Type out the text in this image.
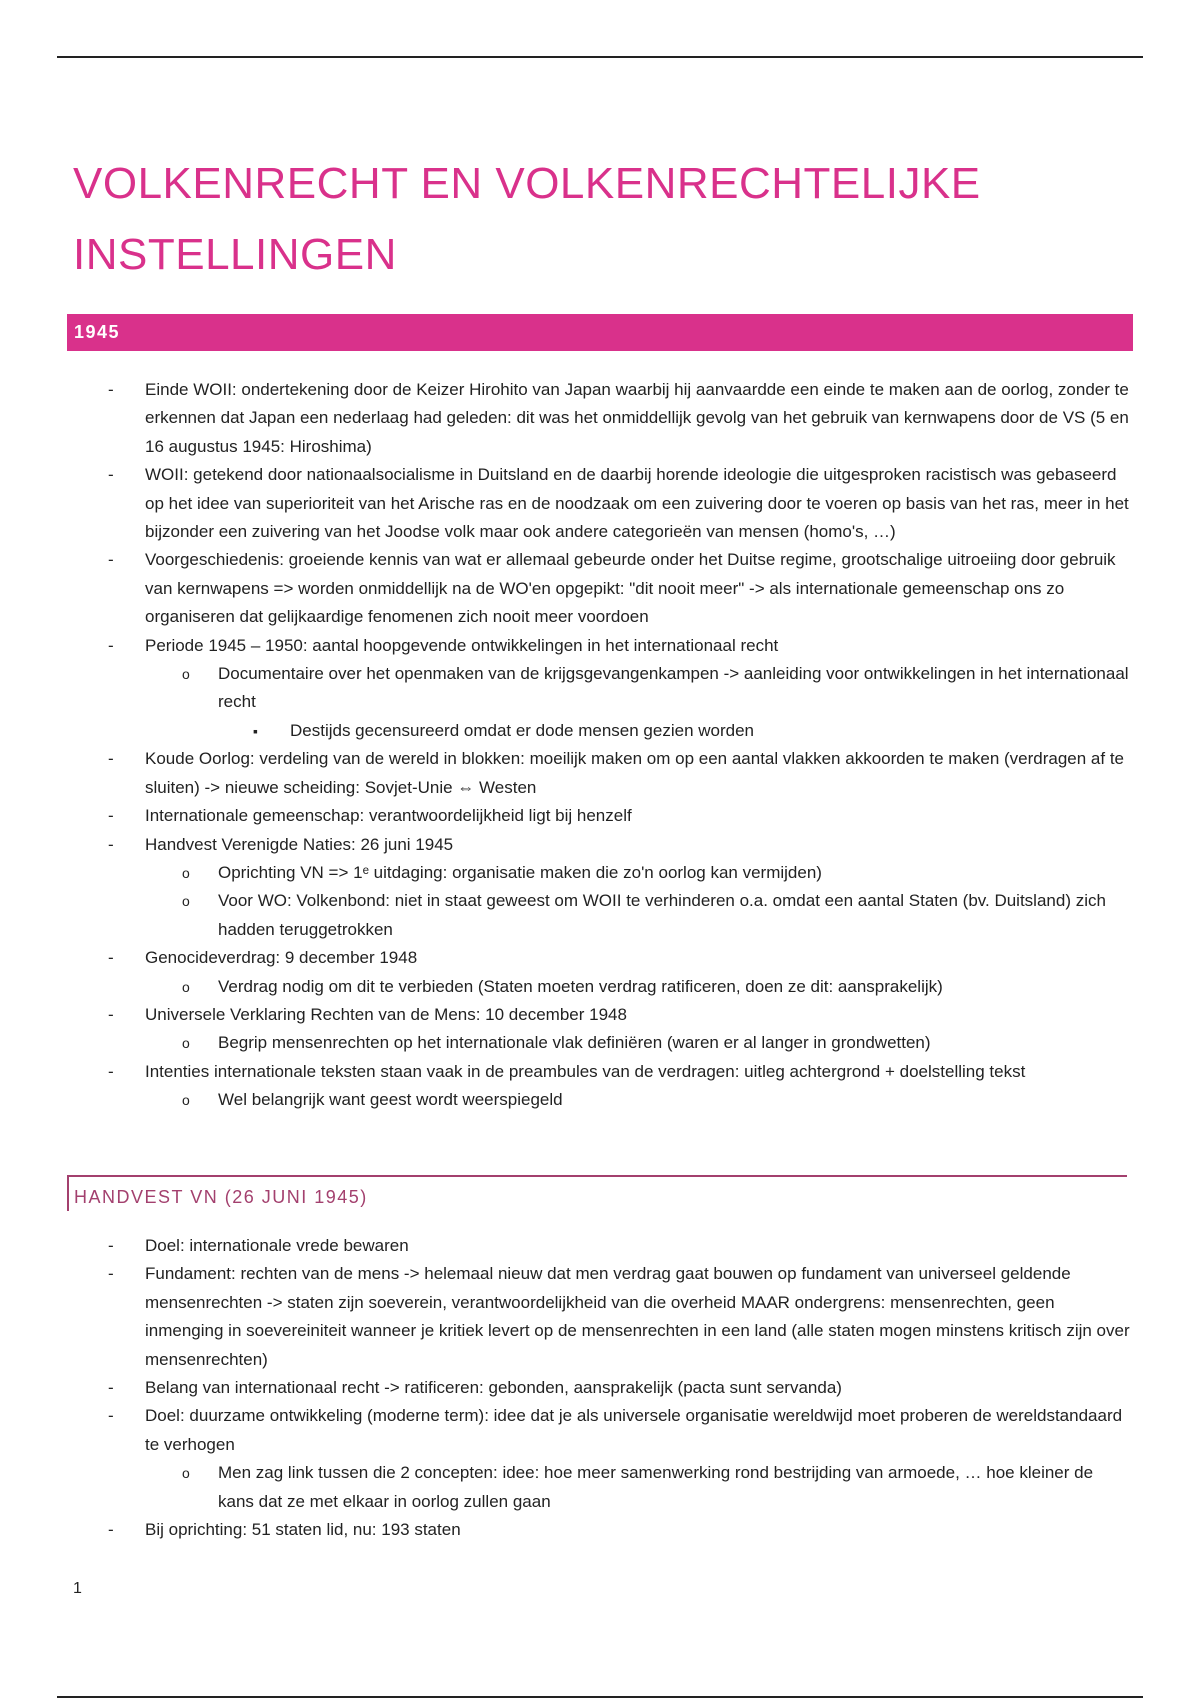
VOLKENRECHT EN VOLKENRECHTELIJKE INSTELLINGEN
1945
- Einde WOII: ondertekening door de Keizer Hirohito van Japan waarbij hij aanvaardde een einde te maken aan de oorlog, zonder te erkennen dat Japan een nederlaag had geleden: dit was het onmiddellijk gevolg van het gebruik van kernwapens door de VS (5 en 16 augustus 1945: Hiroshima)
- WOII: getekend door nationaalsocialisme in Duitsland en de daarbij horende ideologie die uitgesproken racistisch was gebaseerd op het idee van superioriteit van het Arische ras en de noodzaak om een zuivering door te voeren op basis van het ras, meer in het bijzonder een zuivering van het Joodse volk maar ook andere categorieën van mensen (homo's, …)
- Voorgeschiedenis: groeiende kennis van wat er allemaal gebeurde onder het Duitse regime, grootschalige uitroeiing door gebruik van kernwapens => worden onmiddellijk na de WO'en opgepikt: "dit nooit meer" -> als internationale gemeenschap ons zo organiseren dat gelijkaardige fenomenen zich nooit meer voordoen
- Periode 1945 – 1950: aantal hoopgevende ontwikkelingen in het internationaal recht
o Documentaire over het openmaken van de krijgsgevangenkampen -> aanleiding voor ontwikkelingen in het internationaal recht
▪ Destijds gecensureerd omdat er dode mensen gezien worden
- Koude Oorlog: verdeling van de wereld in blokken: moeilijk maken om op een aantal vlakken akkoorden te maken (verdragen af te sluiten) -> nieuwe scheiding: Sovjet-Unie ⇔ Westen
- Internationale gemeenschap: verantwoordelijkheid ligt bij henzelf
- Handvest Verenigde Naties: 26 juni 1945
o Oprichting VN => 1ᵉ uitdaging: organisatie maken die zo'n oorlog kan vermijden)
o Voor WO: Volkenbond: niet in staat geweest om WOII te verhinderen o.a. omdat een aantal Staten (bv. Duitsland) zich hadden teruggetrokken
- Genocideverdrag: 9 december 1948
o Verdrag nodig om dit te verbieden (Staten moeten verdrag ratificeren, doen ze dit: aansprakelijk)
- Universele Verklaring Rechten van de Mens: 10 december 1948
o Begrip mensenrechten op het internationale vlak definiëren (waren er al langer in grondwetten)
- Intenties internationale teksten staan vaak in de preambules van de verdragen: uitleg achtergrond + doelstelling tekst
o Wel belangrijk want geest wordt weerspiegeld
HANDVEST VN (26 JUNI 1945)
- Doel: internationale vrede bewaren
- Fundament: rechten van de mens -> helemaal nieuw dat men verdrag gaat bouwen op fundament van universeel geldende mensenrechten -> staten zijn soeverein, verantwoordelijkheid van die overheid MAAR ondergrens: mensenrechten, geen inmenging in soevereiniteit wanneer je kritiek levert op de mensenrechten in een land (alle staten mogen minstens kritisch zijn over mensenrechten)
- Belang van internationaal recht -> ratificeren: gebonden, aansprakelijk (pacta sunt servanda)
- Doel: duurzame ontwikkeling (moderne term): idee dat je als universele organisatie wereldwijd moet proberen de wereldstandaard te verhogen
o Men zag link tussen die 2 concepten: idee: hoe meer samenwerking rond bestrijding van armoede, … hoe kleiner de kans dat ze met elkaar in oorlog zullen gaan
- Bij oprichting: 51 staten lid, nu: 193 staten
1
